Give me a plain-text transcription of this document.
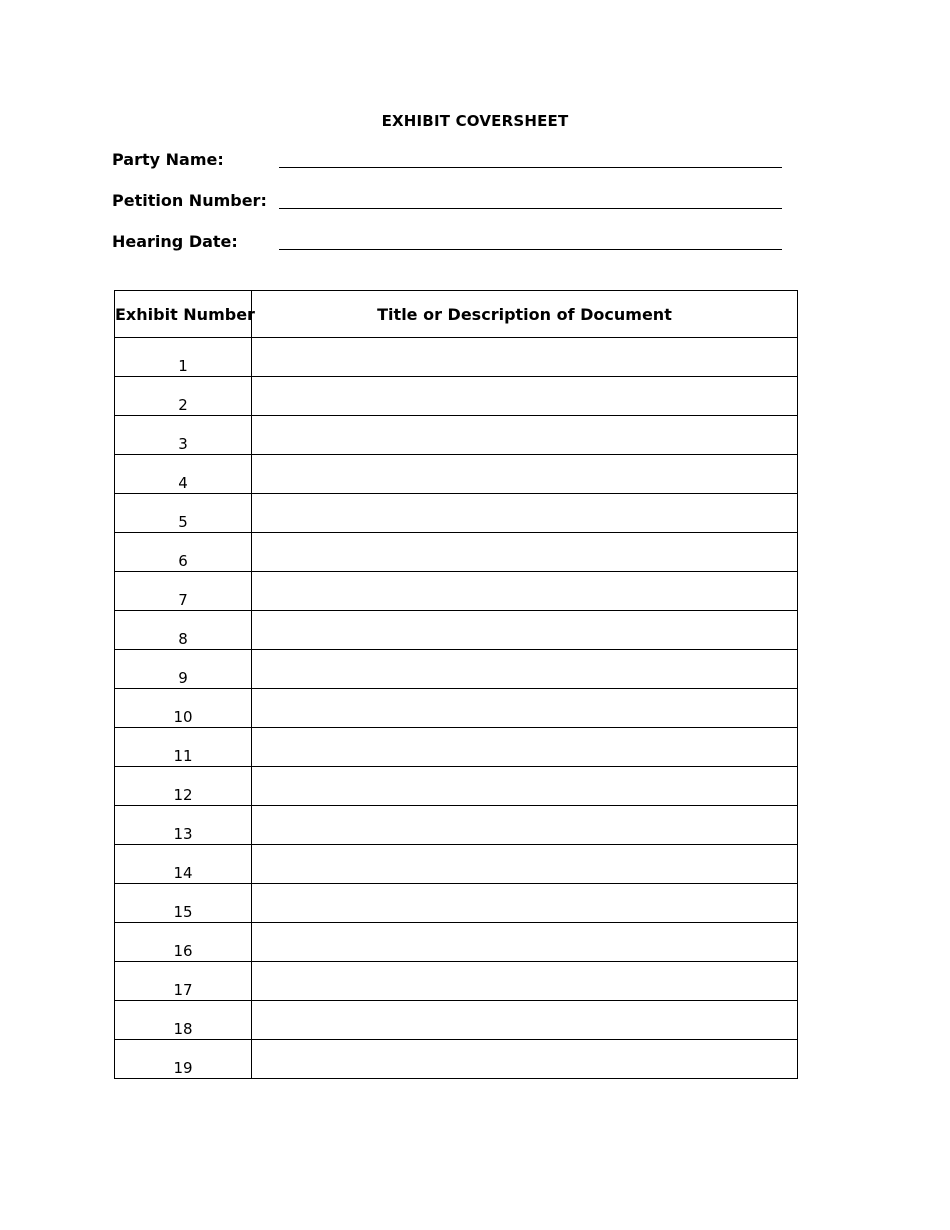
EXHIBIT COVERSHEET
Party Name:
Petition Number:
Hearing Date:
Exhibit Number	Title or Description of Document
1	
2	
3	
4	
5	
6	
7	
8	
9	
10	
11	
12	
13	
14	
15	
16	
17	
18	
19	
